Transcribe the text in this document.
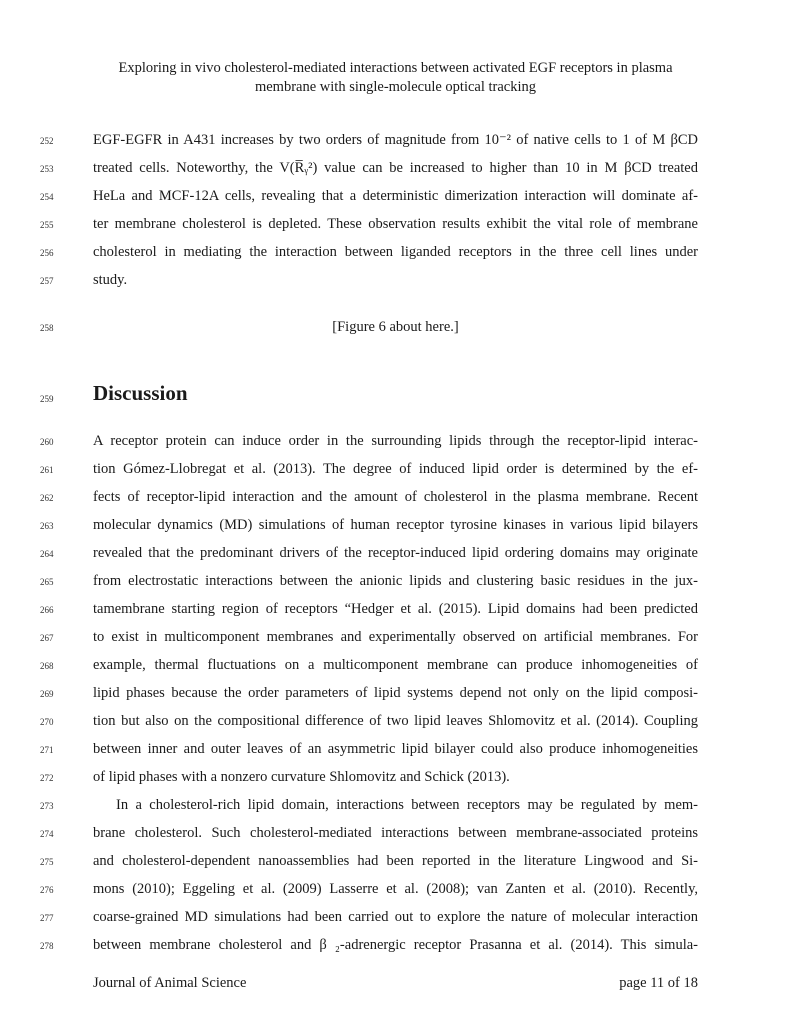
Exploring in vivo cholesterol-mediated interactions between activated EGF receptors in plasma
membrane with single-molecule optical tracking
252	EGF-EGFR in A431 increases by two orders of magnitude from 10⁻² of native cells to 1 of M βCD
253	treated cells. Noteworthy, the V(R̅ᵧ²) value can be increased to higher than 10 in M βCD treated
254	HeLa and MCF-12A cells, revealing that a deterministic dimerization interaction will dominate af-
255	ter membrane cholesterol is depleted. These observation results exhibit the vital role of membrane
256	cholesterol in mediating the interaction between liganded receptors in the three cell lines under
257	study.
258	[Figure 6 about here.]
259	Discussion
260	A receptor protein can induce order in the surrounding lipids through the receptor-lipid interac-
261	tion Gómez-Llobregat et al. (2013). The degree of induced lipid order is determined by the ef-
262	fects of receptor-lipid interaction and the amount of cholesterol in the plasma membrane. Recent
263	molecular dynamics (MD) simulations of human receptor tyrosine kinases in various lipid bilayers
264	revealed that the predominant drivers of the receptor-induced lipid ordering domains may originate
265	from electrostatic interactions between the anionic lipids and clustering basic residues in the jux-
266	tamembrane starting region of receptors “Hedger et al. (2015). Lipid domains had been predicted
267	to exist in multicomponent membranes and experimentally observed on artificial membranes. For
268	example, thermal fluctuations on a multicomponent membrane can produce inhomogeneities of
269	lipid phases because the order parameters of lipid systems depend not only on the lipid composi-
270	tion but also on the compositional difference of two lipid leaves Shlomovitz et al. (2014). Coupling
271	between inner and outer leaves of an asymmetric lipid bilayer could also produce inhomogeneities
272	of lipid phases with a nonzero curvature Shlomovitz and Schick (2013).
273	In a cholesterol-rich lipid domain, interactions between receptors may be regulated by mem-
274	brane cholesterol. Such cholesterol-mediated interactions between membrane-associated proteins
275	and cholesterol-dependent nanoassemblies had been reported in the literature Lingwood and Si-
276	mons (2010); Eggeling et al. (2009) Lasserre et al. (2008); van Zanten et al. (2010). Recently,
277	coarse-grained MD simulations had been carried out to explore the nature of molecular interaction
278	between membrane cholesterol and β ₂-adrenergic receptor Prasanna et al. (2014). This simula-
Journal of Animal Science	page 11 of 18
